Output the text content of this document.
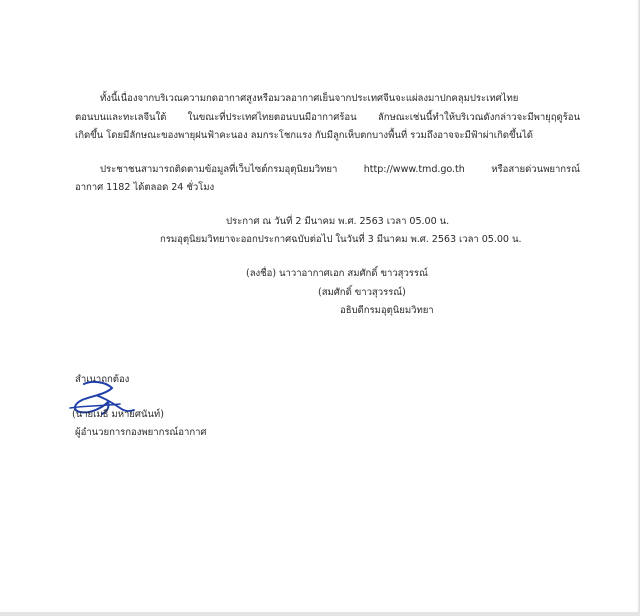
ทั้งนี้เนื่องจากบริเวณความกดอากาศสูงหรือมวลอากาศเย็นจากประเทศจีนจะแผ่ลงมาปกคลุมประเทศไทย
ตอนบนและทะเลจีนใต้ ในขณะที่ประเทศไทยตอนบนมีอากาศร้อน ลักษณะเช่นนี้ทำให้บริเวณดังกล่าวจะมีพายุฤดูร้อน
เกิดขึ้น โดยมีลักษณะของพายุฝนฟ้าคะนอง ลมกระโชกแรง กับมีลูกเห็บตกบางพื้นที่ รวมถึงอาจจะมีฟ้าผ่าเกิดขึ้นได้
ประชาชนสามารถติดตามข้อมูลที่เว็บไซต์กรมอุตุนิยมวิทยา http://www.tmd.go.th หรือสายด่วนพยากรณ์
อากาศ 1182 ได้ตลอด 24 ชั่วโมง
ประกาศ ณ วันที่ 2 มีนาคม พ.ศ. 2563 เวลา 05.00 น.
กรมอุตุนิยมวิทยาจะออกประกาศฉบับต่อไป ในวันที่ 3 มีนาคม พ.ศ. 2563 เวลา 05.00 น.
(ลงชื่อ) นาวาอากาศเอก สมศักดิ์ ขาวสุวรรณ์
(สมศักดิ์ ขาวสุวรรณ์)
อธิบดีกรมอุตุนิยมวิทยา
สำเนาถูกต้อง
(นายเมธี มหายศนันท์)
ผู้อำนวยการกองพยากรณ์อากาศ
